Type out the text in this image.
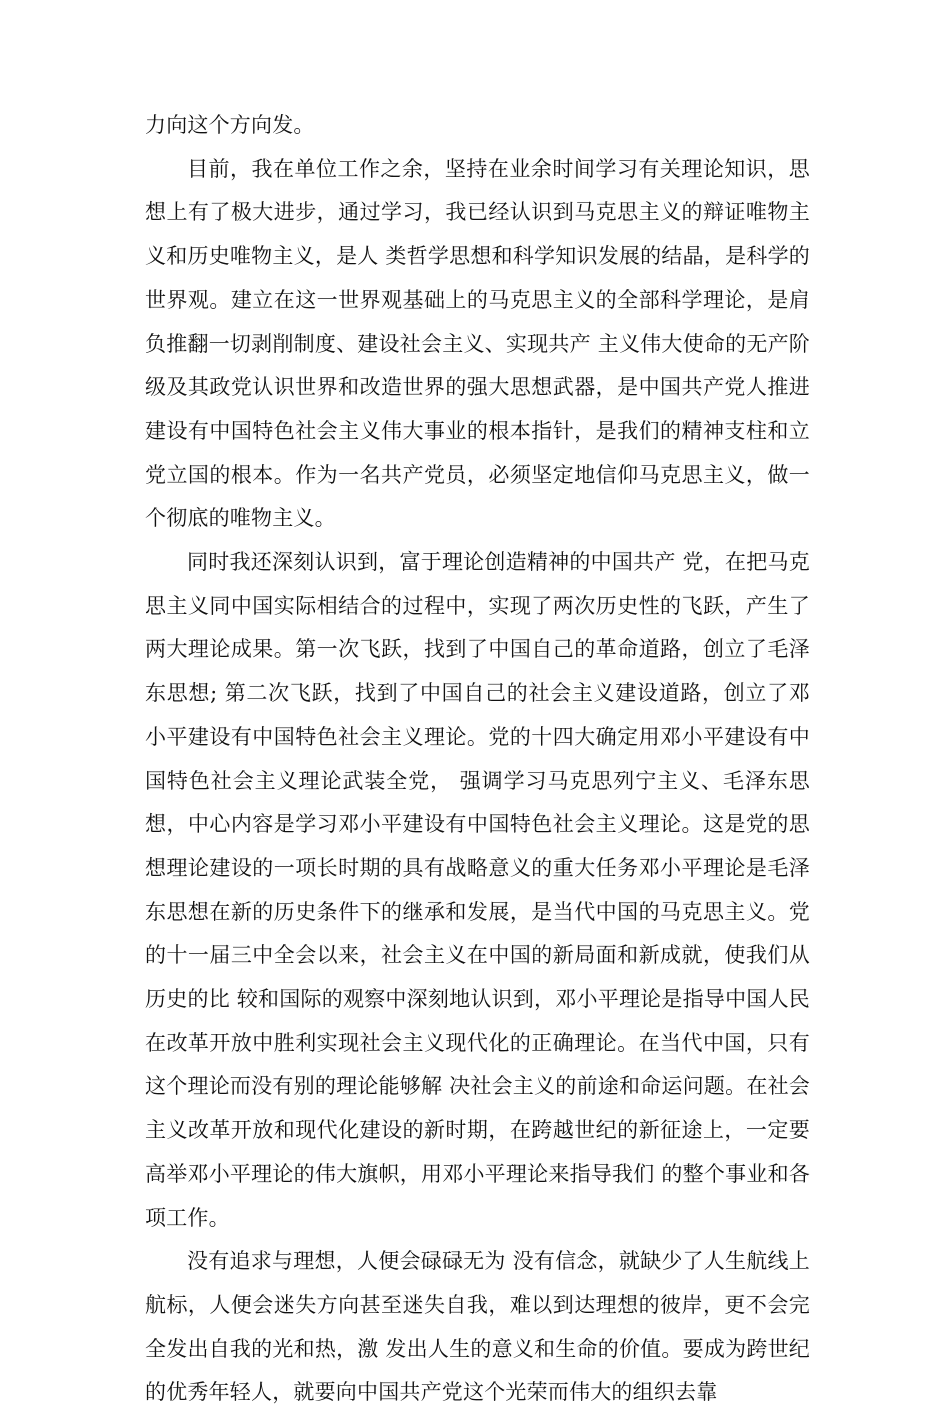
力向这个方向发。

目前，我在单位工作之余，坚持在业余时间学习有关理论知识，思想上有了极大进步，通过学习，我已经认识到马克思主义的辩证唯物主义和历史唯物主义，是人 类哲学思想和科学知识发展的结晶，是科学的世界观。建立在这一世界观基础上的马克思主义的全部科学理论，是肩负推翻一切剥削制度、建设社会主义、实现共产 主义伟大使命的无产阶级及其政党认识世界和改造世界的强大思想武器，是中国共产党人推进建设有中国特色社会主义伟大事业的根本指针，是我们的精神支柱和立 党立国的根本。作为一名共产党员，必须坚定地信仰马克思主义，做一个彻底的唯物主义。

同时我还深刻认识到，富于理论创造精神的中国共产 党，在把马克思主义同中国实际相结合的过程中，实现了两次历史性的飞跃，产生了两大理论成果。第一次飞跃，找到了中国自己的革命道路，创立了毛泽东思想; 第二次飞跃，找到了中国自己的社会主义建设道路，创立了邓小平建设有中国特色社会主义理论。党的十四大确定用邓小平建设有中国特色社会主义理论武装全党， 强调学习马克思列宁主义、毛泽东思想，中心内容是学习邓小平建设有中国特色社会主义理论。这是党的思想理论建设的一项长时期的具有战略意义的重大任务邓小平理论是毛泽东思想在新的历史条件下的继承和发展，是当代中国的马克思主义。党的十一届三中全会以来，社会主义在中国的新局面和新成就，使我们从历史的比 较和国际的观察中深刻地认识到，邓小平理论是指导中国人民在改革开放中胜利实现社会主义现代化的正确理论。在当代中国，只有这个理论而没有别的理论能够解 决社会主义的前途和命运问题。在社会主义改革开放和现代化建设的新时期，在跨越世纪的新征途上，一定要高举邓小平理论的伟大旗帜，用邓小平理论来指导我们 的整个事业和各项工作。

没有追求与理想，人便会碌碌无为 没有信念，就缺少了人生航线上航标，人便会迷失方向甚至迷失自我，难以到达理想的彼岸，更不会完全发出自我的光和热，激 发出人生的意义和生命的价值。要成为跨世纪的优秀年轻人，就要向中国共产党这个光荣而伟大的组织去靠
